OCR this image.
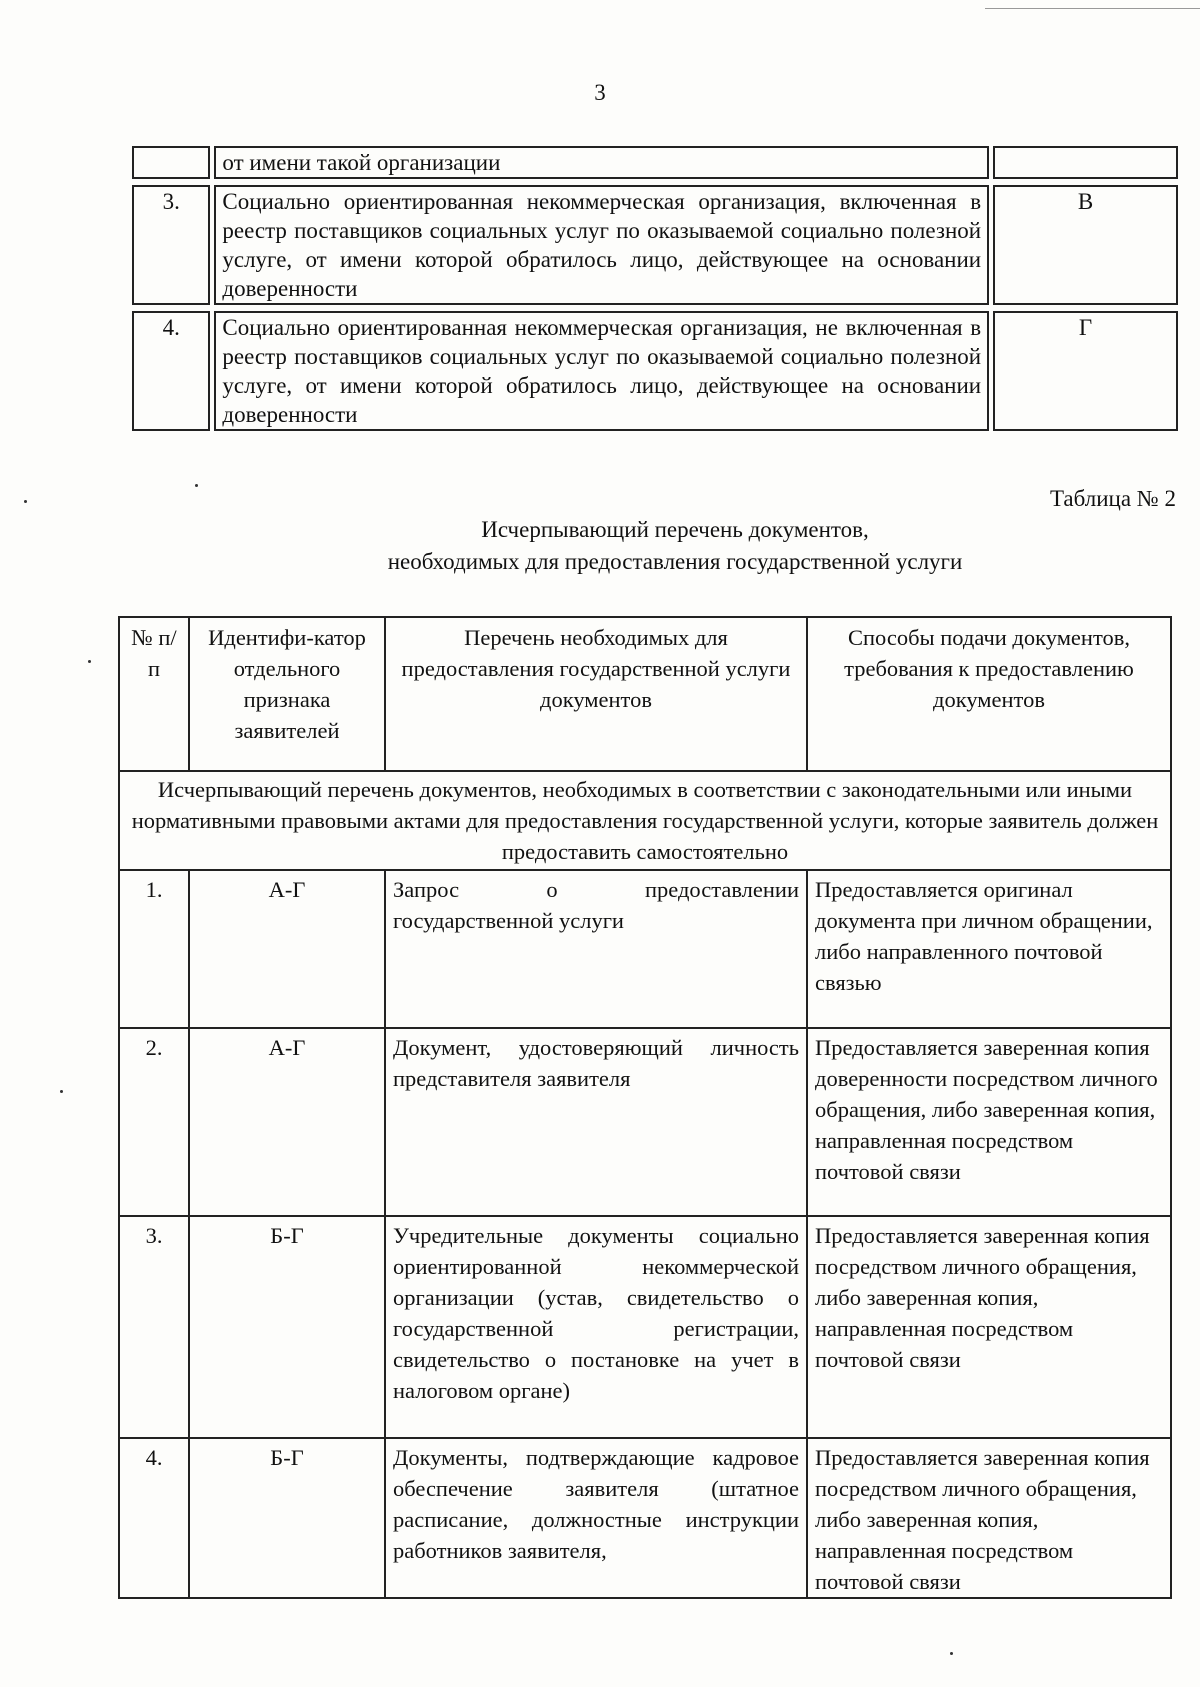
3
	от имени такой организации	
3.	Социально ориентированная некоммерческая организация, включенная в реестр поставщиков социальных услуг по оказываемой социально полезной услуге, от имени которой обратилось лицо, действующее на основании доверенности	В
4.	Социально ориентированная некоммерческая организация, не включенная в реестр поставщиков социальных услуг по оказываемой социально полезной услуге, от имени которой обратилось лицо, действующее на основании доверенности	Г
Таблица № 2
Исчерпывающий перечень документов,
необходимых для предоставления государственной услуги
№ п/п	Идентифи-катор отдельного признака заявителей	Перечень необходимых для предоставления государственной услуги документов	Способы подачи документов, требования к предоставлению документов
Исчерпывающий перечень документов, необходимых в соответствии с законодательными или иными нормативными правовыми актами для предоставления государственной услуги, которые заявитель должен предоставить самостоятельно			
1.	А-Г	Запрос о предоставлении государственной услуги	Предоставляется оригинал документа при личном обращении, либо направленного почтовой связью
2.	А-Г	Документ, удостоверяющий личность представителя заявителя	Предоставляется заверенная копия доверенности посредством личного обращения, либо заверенная копия, направленная посредством почтовой связи
3.	Б-Г	Учредительные документы социально ориентированной некоммерческой организации (устав, свидетельство о государственной регистрации, свидетельство о постановке на учет в налоговом органе)	Предоставляется заверенная копия посредством личного обращения, либо заверенная копия, направленная посредством почтовой связи
4.	Б-Г	Документы, подтверждающие кадровое обеспечение заявителя (штатное расписание, должностные инструкции работников заявителя,	Предоставляется заверенная копия посредством личного обращения, либо заверенная копия, направленная посредством почтовой связи
